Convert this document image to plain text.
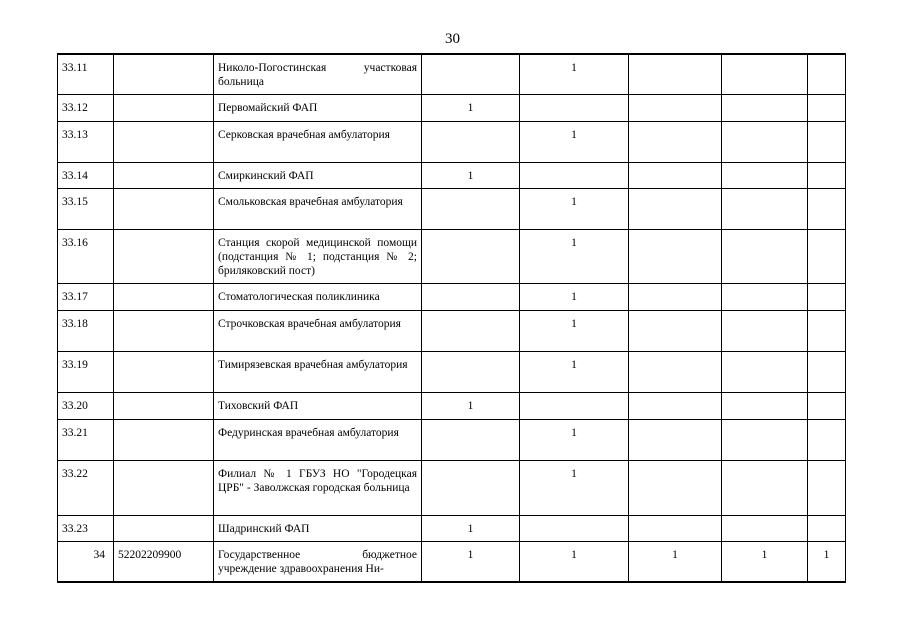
30
33.11		Николо-Погостинская участковая больница		1			
33.12		Первомайский ФАП	1				
33.13		Серковская врачебная амбулатория		1			
33.14		Смиркинский ФАП	1				
33.15		Смольковская врачебная амбулатория		1			
33.16		Станция скорой медицинской помощи (подстанция № 1; подстанция № 2; бриляковский пост)		1			
33.17		Стоматологическая поликлиника		1			
33.18		Строчковская врачебная амбулатория		1			
33.19		Тимирязевская врачебная амбулатория		1			
33.20		Тиховский ФАП	1				
33.21		Федуринская врачебная амбулатория		1			
33.22		Филиал № 1 ГБУЗ НО "Городецкая ЦРБ" - Заволжская городская больница		1			
33.23		Шадринский ФАП	1				
34	52202209900	Государственное бюджетное учреждение здравоохранения Ни-	1	1	1	1	1
